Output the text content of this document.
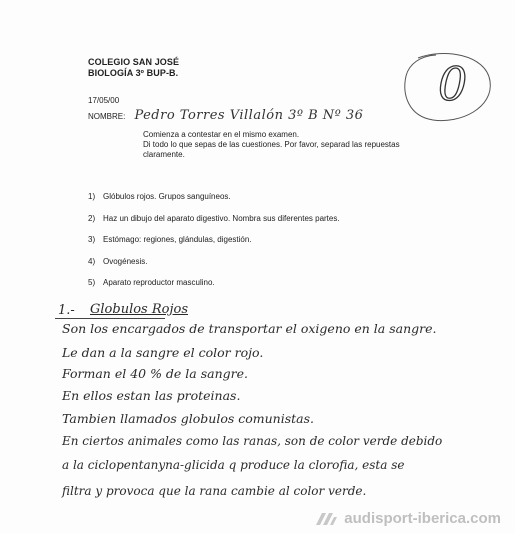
COLEGIO SAN JOSÉ
BIOLOGÍA 3º BUP-B.
17/05/00
NOMBRE: Pedro Torres Villalón 3º B Nº 36
0
Comienza a contestar en el mismo examen.
Di todo lo que sepas de las cuestiones. Por favor, separad las repuestas claramente.
1) Glóbulos rojos. Grupos sanguíneos.
2) Haz un dibujo del aparato digestivo. Nombra sus diferentes partes.
3) Estómago: regiones, glándulas, digestión.
4) Ovogénesis.
5) Aparato reproductor masculino.
1.- Globulos Rojos
Son los encargados de transportar el oxigeno en la sangre.
Le dan a la sangre el color rojo.
Forman el 40 % de la sangre.
En ellos estan las proteinas.
Tambien llamados globulos comunistas.
En ciertos animales como las ranas, son de color verde debido
a la ciclopentanyna-glicida q produce la clorofia, esta se
filtra y provoca que la rana cambie al color verde.
audisport-iberica.com
